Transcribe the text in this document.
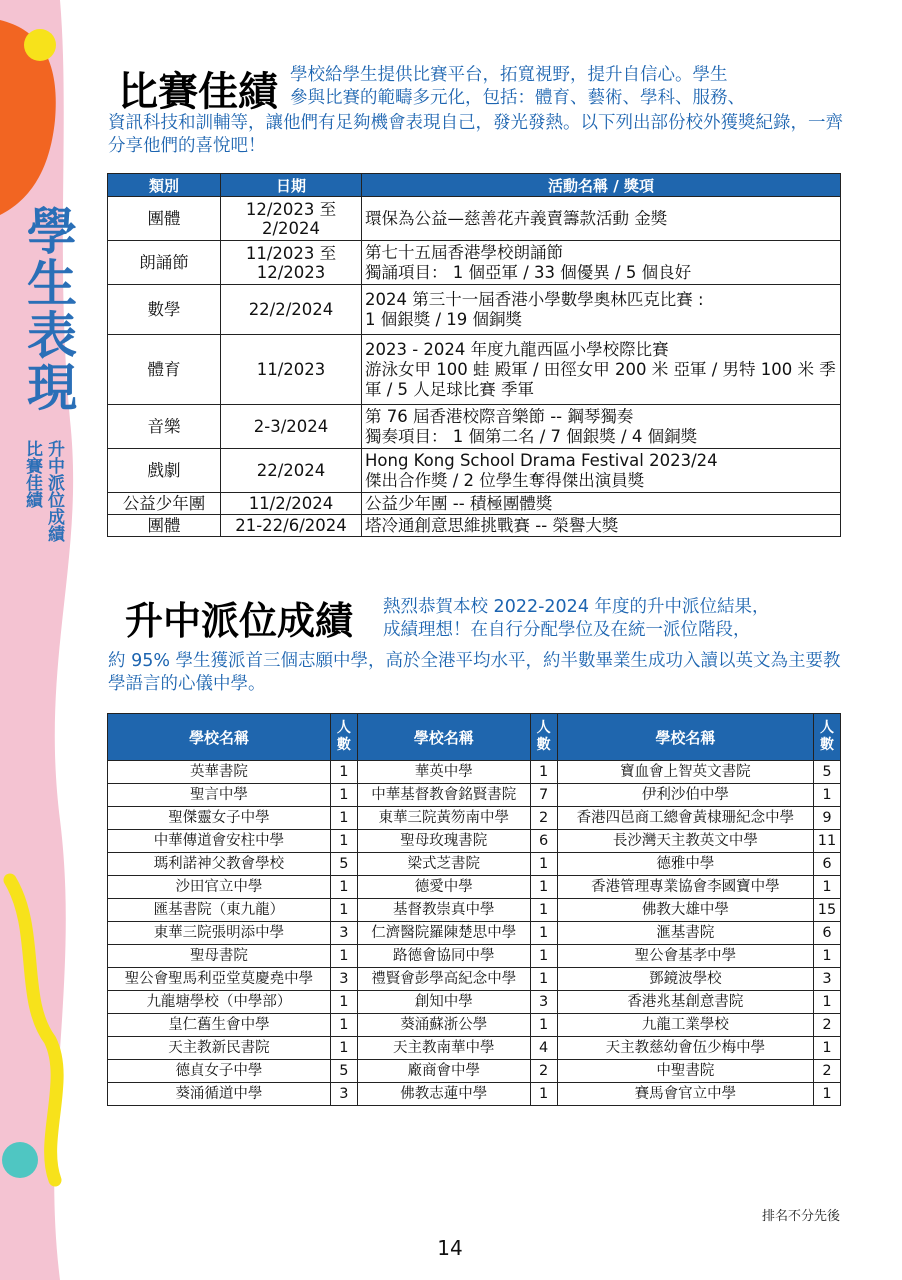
學生表現
比賽佳績 升中派位成績
比賽佳績 學校給學生提供比賽平台，拓寬視野，提升自信心。學生
參與比賽的範疇多元化，包括：體育、藝術、學科、服務、
資訊科技和訓輔等，讓他們有足夠機會表現自己，發光發熱。以下列出部份校外獲獎紀錄，一齊分享他們的喜悅吧！
類別	日期	活動名稱 / 獎項
團體	12/2023 至 2/2024	環保為公益—慈善花卉義賣籌款活動 金獎
朗誦節	11/2023 至 12/2023	第七十五屆香港學校朗誦節
獨誦項目： 1 個亞軍 / 33 個優異 / 5 個良好
數學	22/2/2024	2024 第三十一屆香港小學數學奧林匹克比賽 :
1 個銀獎 / 19 個銅獎
體育	11/2023	2023 - 2024 年度九龍西區小學校際比賽
游泳女甲 100 蛙 殿軍 / 田徑女甲 200 米 亞軍 / 男特 100 米 季軍 / 5 人足球比賽 季軍
音樂	2-3/2024	第 76 屆香港校際音樂節 -- 鋼琴獨奏
獨奏項目： 1 個第二名 / 7 個銀獎 / 4 個銅獎
戲劇	22/2024	Hong Kong School Drama Festival 2023/24
傑出合作獎 / 2 位學生奪得傑出演員獎
公益少年團	11/2/2024	公益少年團 -- 積極團體獎
團體	21-22/6/2024	塔冷通創意思維挑戰賽 -- 榮譽大獎
升中派位成績 熱烈恭賀本校 2022-2024 年度的升中派位結果，
成績理想！在自行分配學位及在統一派位階段，
約 95% 學生獲派首三個志願中學，高於全港平均水平，約半數畢業生成功入讀以英文為主要教學語言的心儀中學。
學校名稱	人數	學校名稱	人數	學校名稱	人數
英華書院	1	華英中學	1	寶血會上智英文書院	5
聖言中學	1	中華基督教會銘賢書院	7	伊利沙伯中學	1
聖傑靈女子中學	1	東華三院黃笏南中學	2	香港四邑商工總會黃棣珊紀念中學	9
中華傳道會安柱中學	1	聖母玫瑰書院	6	長沙灣天主教英文中學	11
瑪利諾神父教會學校	5	梁式芝書院	1	德雅中學	6
沙田官立中學	1	德愛中學	1	香港管理專業協會李國寶中學	1
匯基書院（東九龍）	1	基督教崇真中學	1	佛教大雄中學	15
東華三院張明添中學	3	仁濟醫院羅陳楚思中學	1	滙基書院	6
聖母書院	1	路德會協同中學	1	聖公會基孝中學	1
聖公會聖馬利亞堂莫慶堯中學	3	禮賢會彭學高紀念中學	1	鄧鏡波學校	3
九龍塘學校（中學部）	1	創知中學	3	香港兆基創意書院	1
皇仁舊生會中學	1	葵涌蘇浙公學	1	九龍工業學校	2
天主教新民書院	1	天主教南華中學	4	天主教慈幼會伍少梅中學	1
德貞女子中學	5	廠商會中學	2	中聖書院	2
葵涌循道中學	3	佛教志蓮中學	1	賽馬會官立中學	1
排名不分先後
14
